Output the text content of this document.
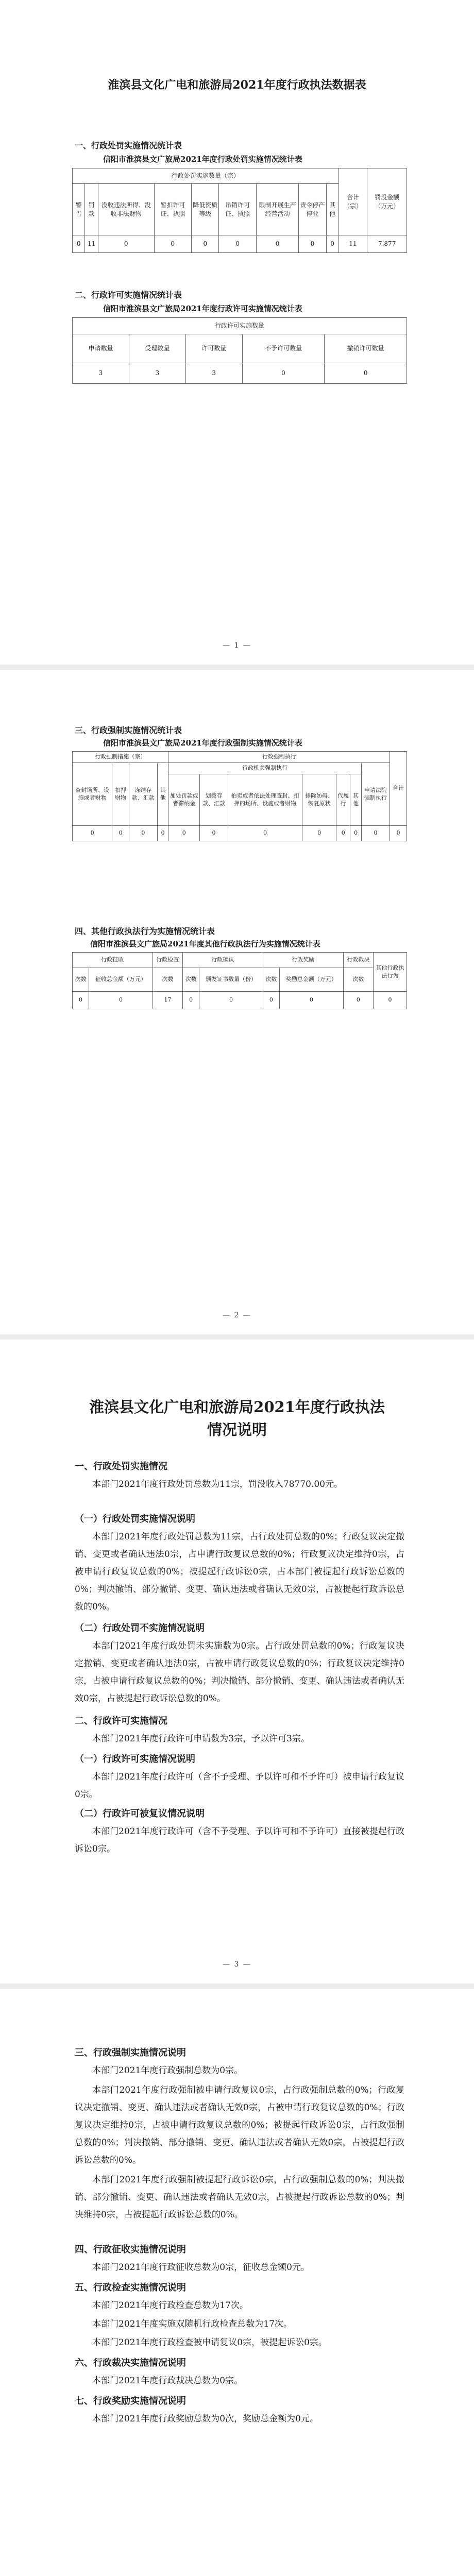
淮滨县文化广电和旅游局2021年度行政执法数据表
一、行政处罚实施情况统计表
信阳市淮滨县文广旅局2021年度行政处罚实施情况统计表
行政处罚实施数量（宗）									合计（宗）	罚没金额（万元）
警告	罚款	没收违法所得、没收非法财物	暂扣许可证、执照	降低资质等级	吊销许可证、执照	限制开展生产经营活动	责令停产停业	其他		
0	11	0	0	0	0	0	0	0	11	7.877
二、行政许可实施情况统计表
信阳市淮滨县文广旅局2021年度行政许可实施情况统计表
行政许可实施数量				
申请数量	受理数量	许可数量	不予许可数量	撤销许可数量
3	3	3	0	0
— 1 —
三、行政强制实施情况统计表
信阳市淮滨县文广旅局2021年度行政强制实施情况统计表
行政强制措施（宗）				行政强制执行							合计
查封场所、设施或者财物	扣押财物	冻结存款、汇款	其他	行政机关强制执行						申请法院强制执行	
				加处罚款或者滞纳金	划拨存款、汇款	拍卖或者依法处理查封、扣押的场所、设施或者财物	排除妨碍、恢复原状	代履行	其他		
0	0	0	0	0	0	0	0	0	0	0	0
四、其他行政执法行为实施情况统计表
信阳市淮滨县文广旅局2021年度其他行政执法行为实施情况统计表
行政征收		行政检查	行政确认		行政奖励		行政裁决	其他行政执法行为
次数	征收总金额（万元）	次数	次数	颁发证书数量（份）	次数	奖励总金额（万元）	次数	
0	0	17	0	0	0	0	0	0
— 2 —
淮滨县文化广电和旅游局2021年度行政执法
情况说明
一、行政处罚实施情况
本部门2021年度行政处罚总数为11宗，罚没收入78770.00元。
（一）行政处罚实施情况说明
本部门2021年度行政处罚总数为11宗，占行政处罚总数的0%；行政复议决定撤销、变更或者确认违法0宗，占申请行政复议总数的0%；行政复议决定维持0宗，占被申请行政复议总数的0%；被提起行政诉讼0宗，占本部门被提起行政诉讼总数的0%；判决撤销、部分撤销、变更、确认违法或者确认无效0宗，占被提起行政诉讼总数的0%。
（二）行政处罚不实施情况说明
本部门2021年度行政处罚未实施数为0宗。占行政处罚总数的0%；行政复议决定撤销、变更或者确认违法0宗，占被申请行政复议总数的0%；行政复议决定维持0宗，占被申请行政复议总数的0%；判决撤销、部分撤销、变更、确认违法或者确认无效0宗，占被提起行政诉讼总数的0%。
二、行政许可实施情况
本部门2021年度行政许可申请数为3宗，予以许可3宗。
（一）行政许可实施情况说明
本部门2021年度行政许可（含不予受理、予以许可和不予许可）被申请行政复议0宗。
（二）行政许可被复议情况说明
本部门2021年度行政许可（含不予受理、予以许可和不予许可）直接被提起行政诉讼0宗。
— 3 —
三、行政强制实施情况说明
本部门2021年度行政强制总数为0宗。
本部门2021年度行政强制被申请行政复议0宗，占行政强制总数的0%；行政复议决定撤销、变更、确认违法或者确认无效0宗，占被申请行政复议总数的0%；行政复议决定维持0宗，占被申请行政复议总数的0%；被提起行政诉讼0宗，占行政强制总数的0%；判决撤销、部分撤销、变更、确认违法或者确认无效0宗，占被提起行政诉讼总数的0%。
本部门2021年度行政强制被提起行政诉讼0宗，占行政强制总数的0%；判决撤销、部分撤销、变更、确认违法或者确认无效0宗，占被提起行政诉讼总数的0%；判决维持0宗，占被提起行政诉讼总数的0%。
四、行政征收实施情况说明
本部门2021年度行政征收总数为0宗，征收总金额0元。
五、行政检查实施情况说明
本部门2021年度行政检查总数为17次。
本部门2021年度实施双随机行政检查总数为17次。
本部门2021年度行政检查被申请复议0宗，被提起诉讼0宗。
六、行政裁决实施情况说明
本部门2021年度行政裁决总数为0宗。
七、行政奖励实施情况说明
本部门2021年度行政奖励总数为0次，奖励总金额为0元。
